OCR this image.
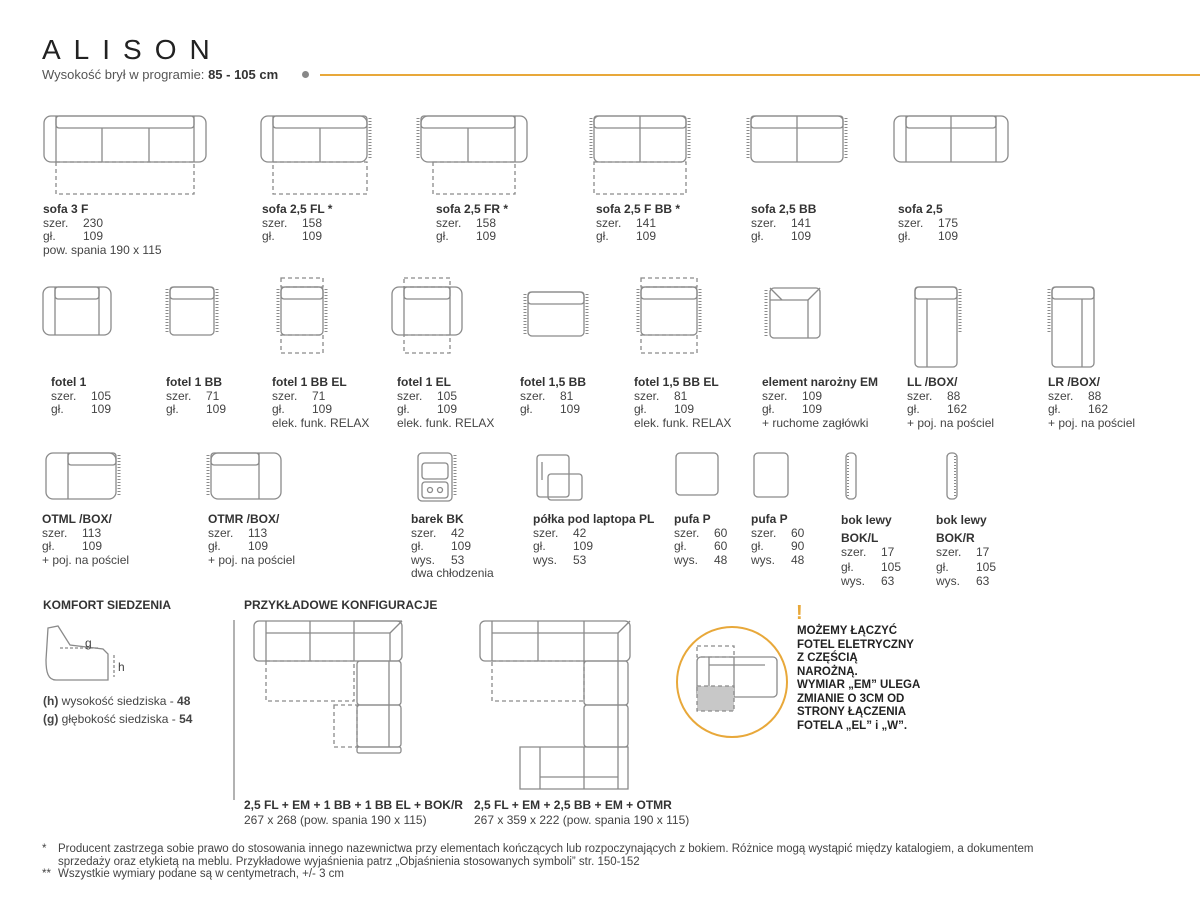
ALISON
Wysokość brył w programie: 85 - 105 cm
sofa 3 F
szer. 230
gł. 109
pow. spania 190 x 115
sofa 2,5 FL *
szer. 158
gł. 109
sofa 2,5 FR *
szer. 158
gł. 109
sofa 2,5 F BB *
szer. 141
gł. 109
sofa 2,5 BB
szer. 141
gł. 109
sofa 2,5
szer. 175
gł. 109
fotel 1
szer. 105
gł. 109
fotel 1 BB
szer. 71
gł. 109
fotel 1 BB EL
szer. 71
gł. 109
elek. funk. RELAX
fotel 1 EL
szer. 105
gł. 109
elek. funk. RELAX
fotel 1,5 BB
szer. 81
gł. 109
fotel 1,5 BB EL
szer. 81
gł. 109
elek. funk. RELAX
element narożny EM
szer. 109
gł. 109
+ ruchome zagłówki
LL /BOX/
szer. 88
gł. 162
+ poj. na pościel
LR /BOX/
szer. 88
gł. 162
+ poj. na pościel
OTML /BOX/
szer. 113
gł. 109
+ poj. na pościel
OTMR /BOX/
szer. 113
gł. 109
+ poj. na pościel
barek BK
szer. 42
gł. 109
wys. 53
dwa chłodzenia
półka pod laptopa PL
szer. 42
gł. 109
wys. 53
pufa P
szer. 60
gł. 60
wys. 48
pufa P
szer. 60
gł. 90
wys. 48
bok lewy
BOK/L
szer. 17
gł. 105
wys. 63
bok lewy
BOK/R
szer. 17
gł. 105
wys. 63
KOMFORT SIEDZENIA
g
h
(h) wysokość siedziska - 48
(g) głębokość siedziska - 54
PRZYKŁADOWE KONFIGURACJE
2,5 FL + EM + 1 BB + 1 BB EL + BOK/R
267 x 268 (pow. spania 190 x 115)
2,5 FL + EM + 2,5 BB + EM + OTMR
267 x 359 x 222 (pow. spania 190 x 115)
!
MOŻEMY ŁĄCZYĆ
FOTEL ELETRYCZNY
Z CZĘŚCIĄ
NAROŻNĄ.
WYMIAR „EM” ULEGA
ZMIANIE O 3CM OD
STRONY ŁĄCZENIA
FOTELA „EL” i „W”.
* Producent zastrzega sobie prawo do stosowania innego nazewnictwa przy elementach kończących lub rozpoczynających z bokiem. Różnice mogą wystąpić między katalogiem, a dokumentem
sprzedaży oraz etykietą na meblu. Przykładowe wyjaśnienia patrz „Objaśnienia stosowanych symboli” str. 150-152
** Wszystkie wymiary podane są w centymetrach, +/- 3 cm
